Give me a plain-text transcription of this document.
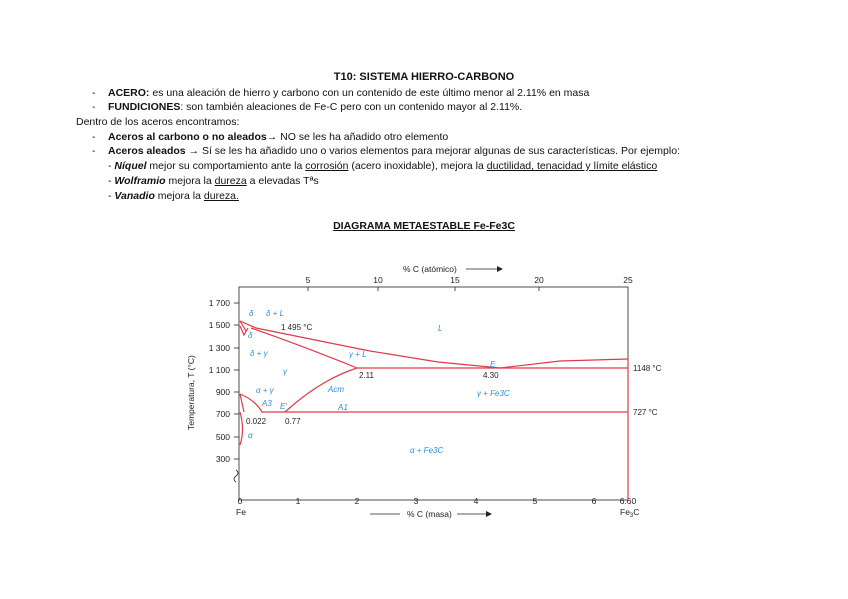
T10: SISTEMA HIERRO-CARBONO
- ACERO: es una aleación de hierro y carbono con un contenido de este último menor al 2.11% en masa
- FUNDICIONES: son también aleaciones de Fe-C pero con un contenido mayor al 2.11%.
Dentro de los aceros encontramos:
- Aceros al carbono o no aleados→ NO se les ha añadido otro elemento
- Aceros aleados → Sí se les ha añadido uno o varios elementos para mejorar algunas de sus características. Por ejemplo:
- Níquel mejor su comportamiento ante la corrosión (acero inoxidable), mejora la ductilidad, tenacidad y límite elástico
- Wolframio mejora la dureza a elevadas Tªs
- Vanadio mejora la dureza.
DIAGRAMA METAESTABLE Fe-Fe3C
% C (atómico)
5	10	15	20	25
1 700
1 500
1 300
1 100
900
700
500
300
Temperatura, T (°C)
0	1	2	3	4	5	6	6.60
Fe	$Fe_3C$
% C (masa)
1 495 °C
2.11	4.30
0.022 0.77
1148 °C
727 °C
δ δ + L
L
δ + γ
γ
γ + L
E
α + γ
A3 E'
Acm
A1
γ + Fe3C
α
α + Fe3C
δ
